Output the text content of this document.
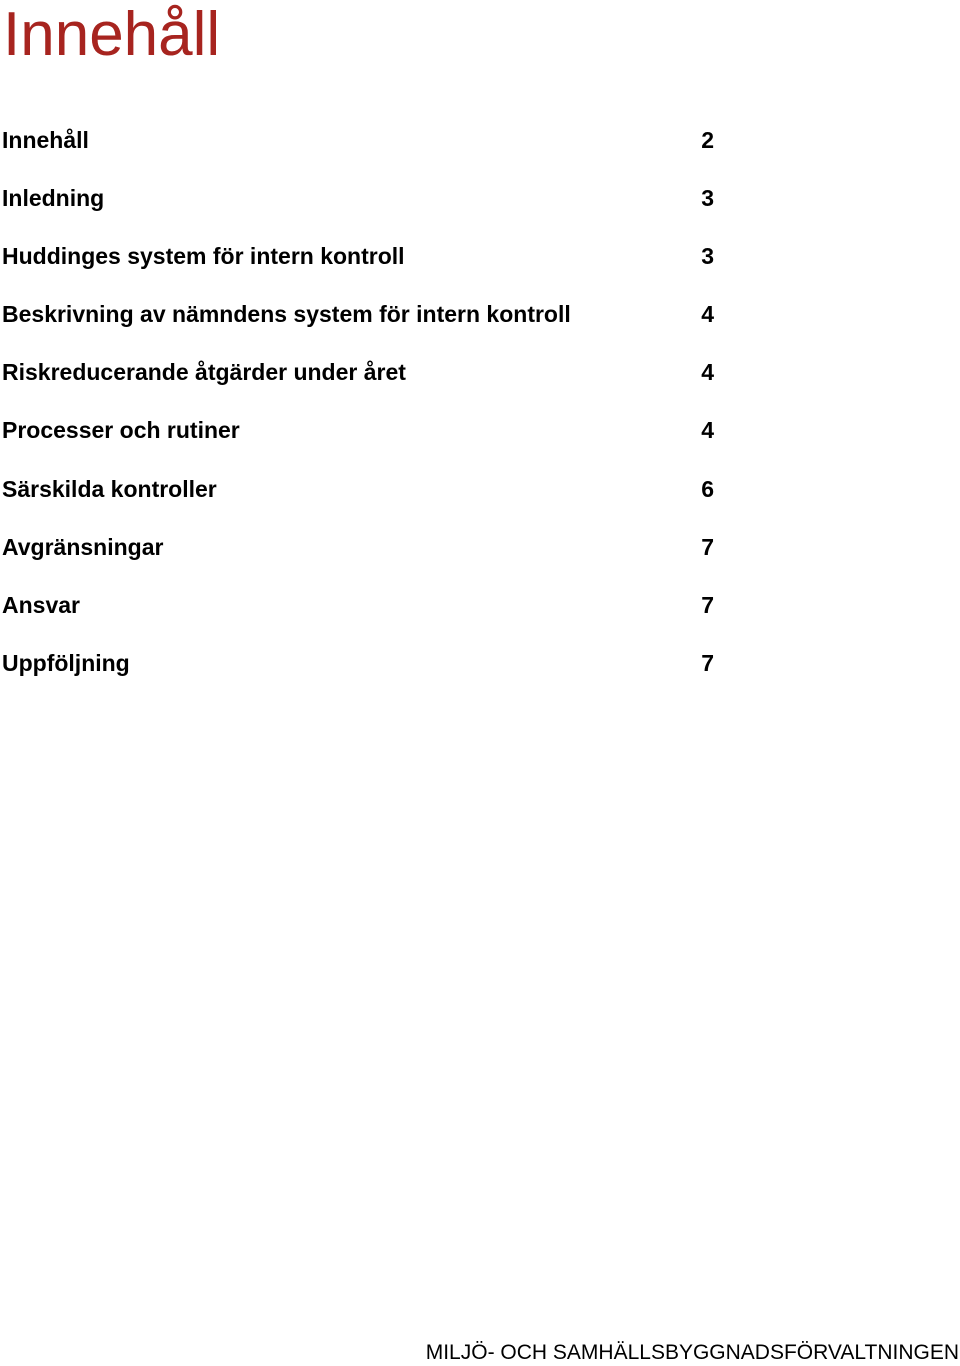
Innehåll
Innehåll	2
Inledning	3
Huddinges system för intern kontroll	3
Beskrivning av nämndens system för intern kontroll	4
Riskreducerande åtgärder under året	4
Processer och rutiner	4
Särskilda kontroller	6
Avgränsningar	7
Ansvar	7
Uppföljning	7
MILJÖ- OCH SAMHÄLLSBYGGNADSFÖRVALTNINGEN
